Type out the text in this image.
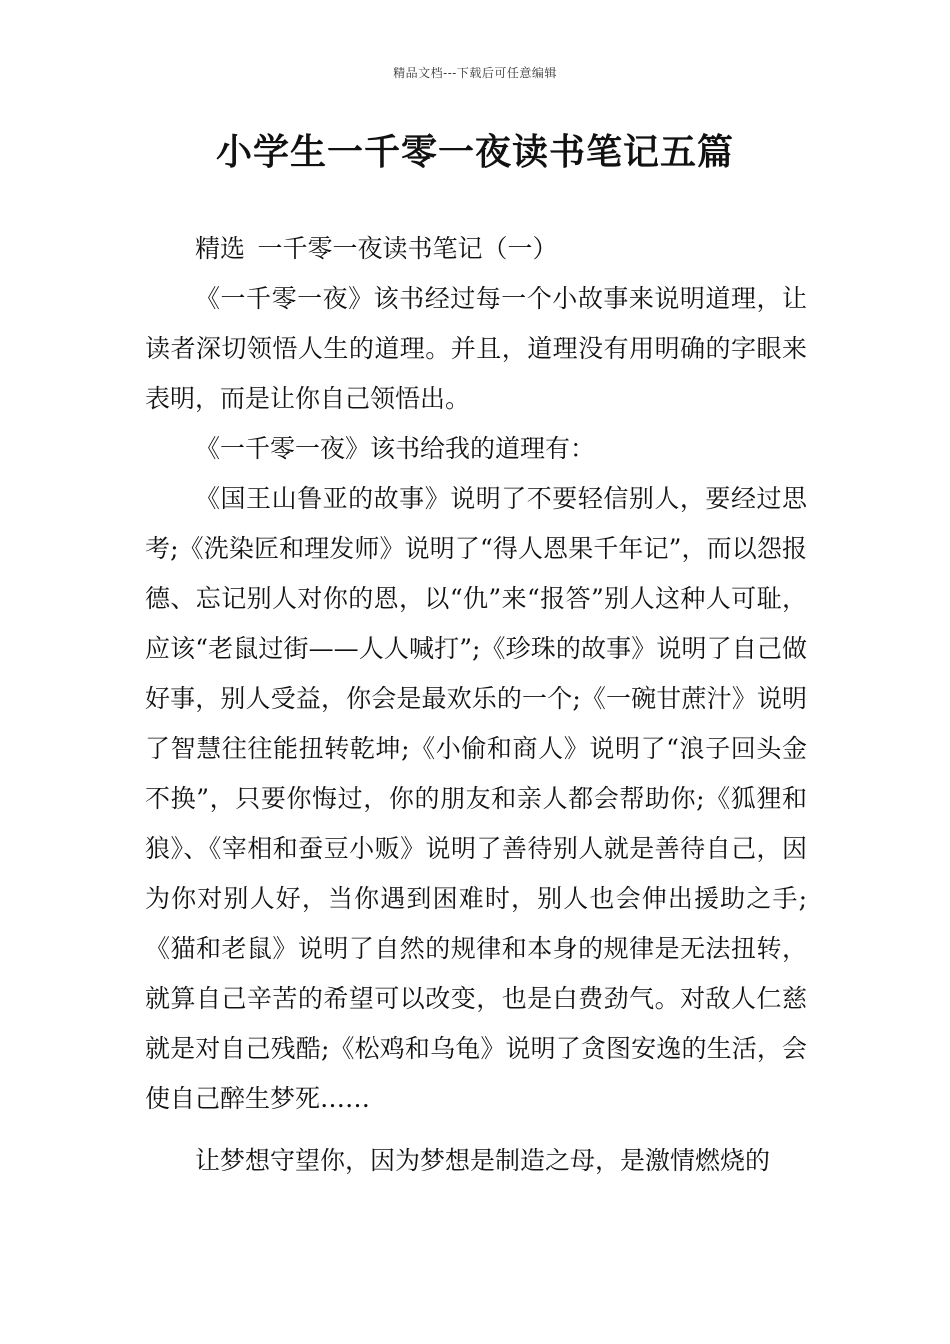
精品文档---下载后可任意编辑
小学生一千零一夜读书笔记五篇

精选 一千零一夜读书笔记（一）

《一千零一夜》该书经过每一个小故事来说明道理，让读者深切领悟人生的道理。并且，道理没有用明确的字眼来表明，而是让你自己领悟出。

《一千零一夜》该书给我的道理有：

《国王山鲁亚的故事》说明了不要轻信别人，要经过思考;《洗染匠和理发师》说明了“得人恩果千年记”，而以怨报德、忘记别人对你的恩，以“仇”来“报答”别人这种人可耻，应该“老鼠过街——人人喊打”;《珍珠的故事》说明了自己做好事，别人受益，你会是最欢乐的一个;《一碗甘蔗汁》说明了智慧往往能扭转乾坤;《小偷和商人》说明了“浪子回头金不换”，只要你悔过，你的朋友和亲人都会帮助你;《狐狸和狼》、《宰相和蚕豆小贩》说明了善待别人就是善待自己，因为你对别人好，当你遇到困难时，别人也会伸出援助之手;《猫和老鼠》说明了自然的规律和本身的规律是无法扭转，就算自己辛苦的希望可以改变，也是白费劲气。对敌人仁慈就是对自己残酷;《松鸡和乌龟》说明了贪图安逸的生活，会使自己醉生梦死……

让梦想守望你，因为梦想是制造之母，是激情燃烧的
